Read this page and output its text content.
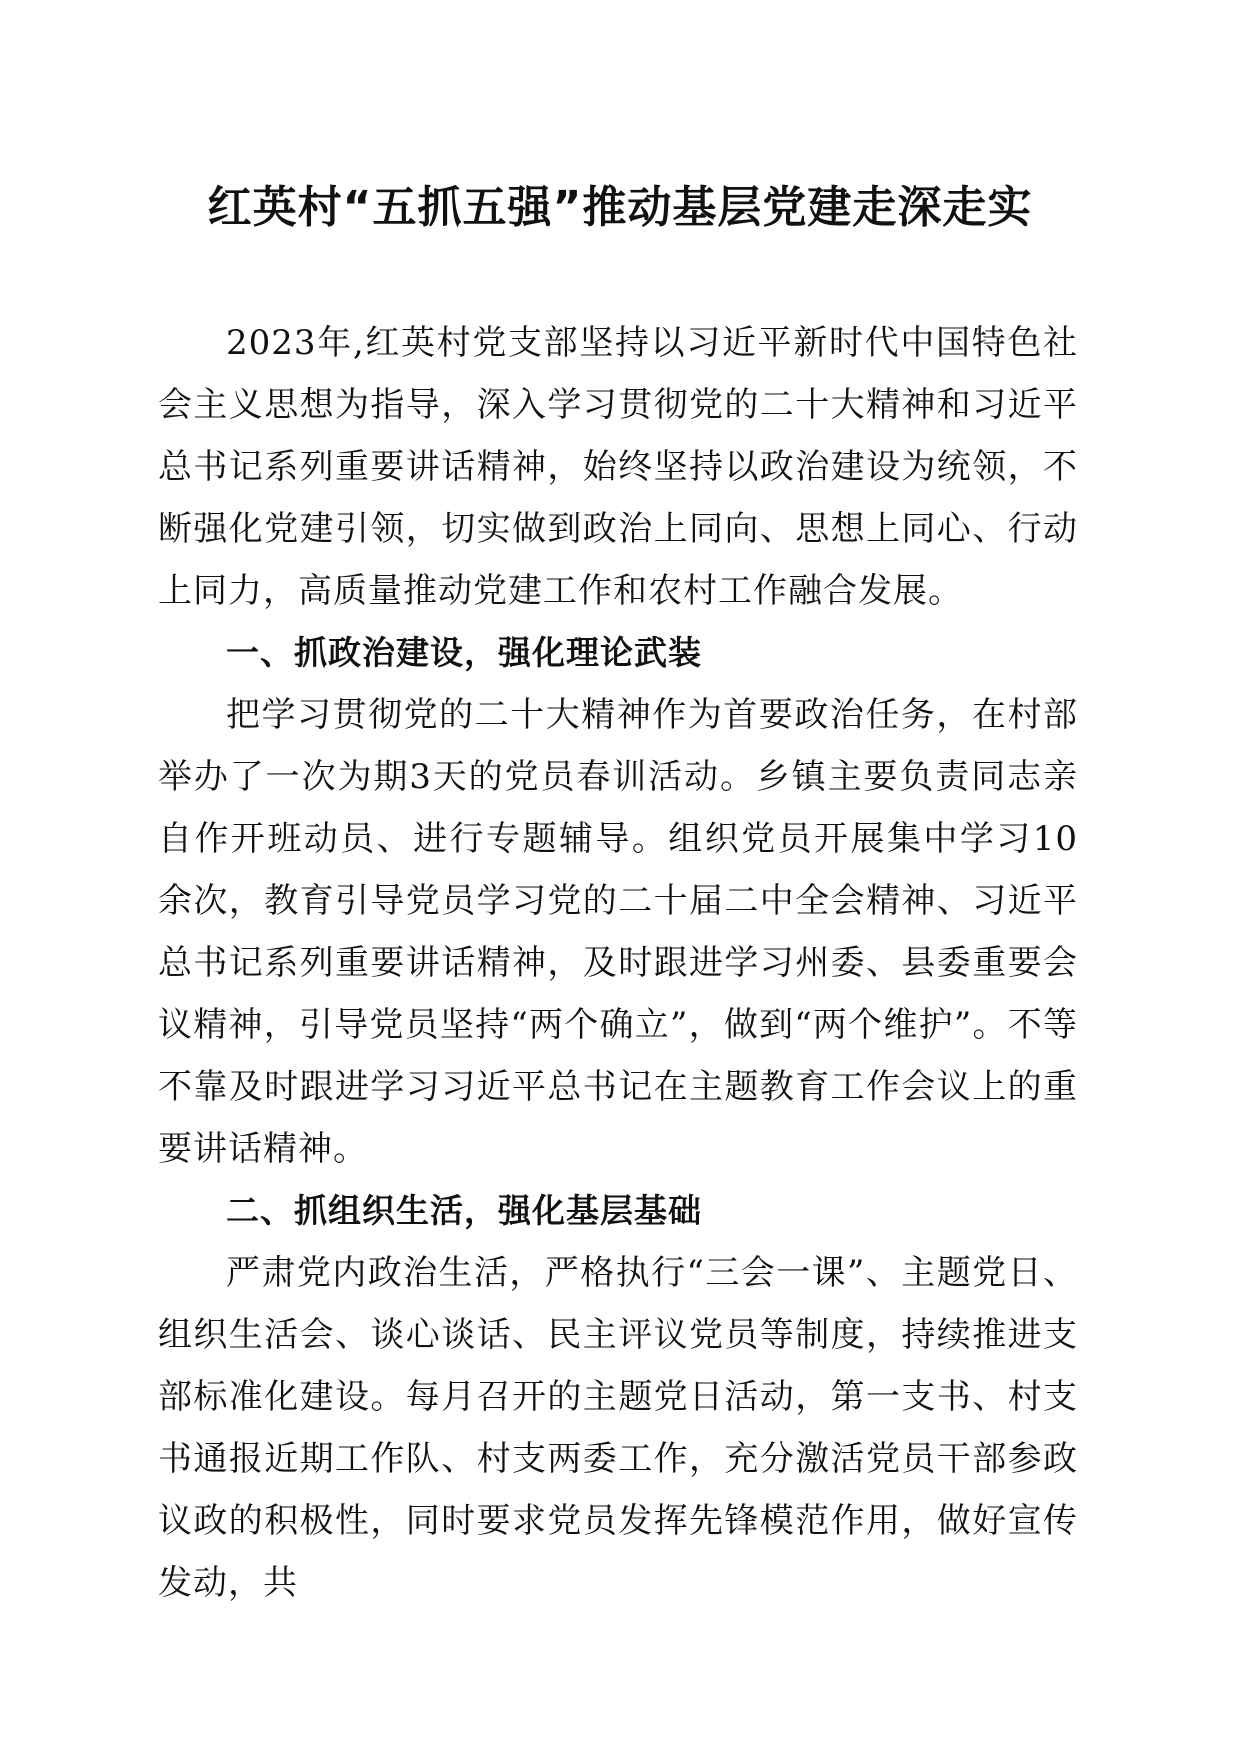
红英村“五抓五强”推动基层党建走深走实

2023年,红英村党支部坚持以习近平新时代中国特色社会主义思想为指导，深入学习贯彻党的二十大精神和习近平总书记系列重要讲话精神，始终坚持以政治建设为统领，不断强化党建引领，切实做到政治上同向、思想上同心、行动上同力，高质量推动党建工作和农村工作融合发展。

一、抓政治建设，强化理论武装

把学习贯彻党的二十大精神作为首要政治任务，在村部举办了一次为期3天的党员春训活动。乡镇主要负责同志亲自作开班动员、进行专题辅导。组织党员开展集中学习10余次，教育引导党员学习党的二十届二中全会精神、习近平总书记系列重要讲话精神，及时跟进学习州委、县委重要会议精神，引导党员坚持“两个确立”，做到“两个维护”。不等不靠及时跟进学习习近平总书记在主题教育工作会议上的重要讲话精神。

二、抓组织生活，强化基层基础

严肃党内政治生活，严格执行“三会一课”、主题党日、组织生活会、谈心谈话、民主评议党员等制度，持续推进支部标准化建设。每月召开的主题党日活动，第一支书、村支书通报近期工作队、村支两委工作，充分激活党员干部参政议政的积极性，同时要求党员发挥先锋模范作用，做好宣传发动，共
